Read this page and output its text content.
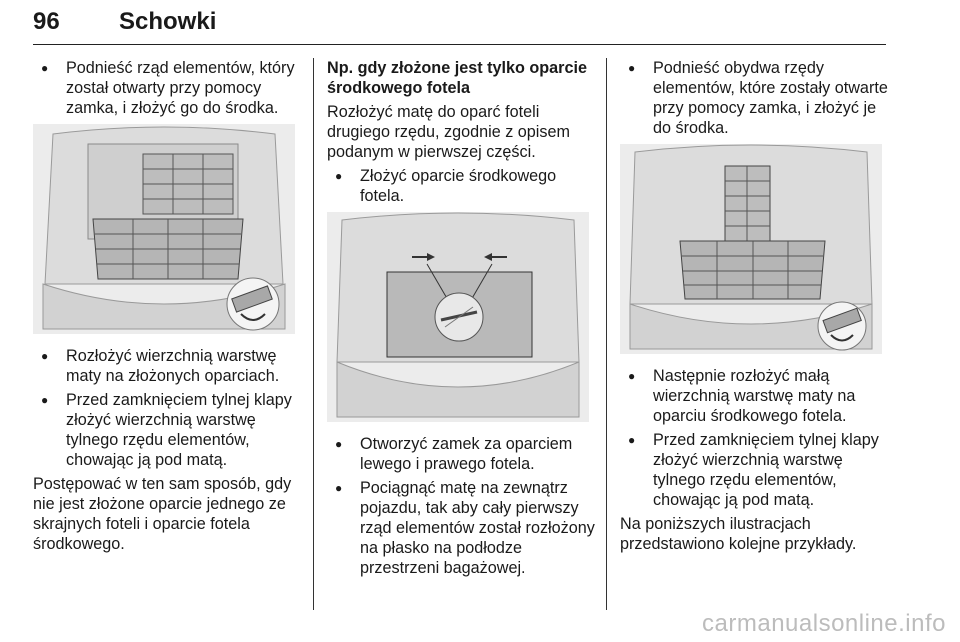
96 Schowki
● Podnieść rząd elementów, który został otwarty przy pomocy zamka, i złożyć go do środka.
● Rozłożyć wierzchnią warstwę maty na złożonych oparciach.
● Przed zamknięciem tylnej klapy złożyć wierzchnią warstwę tylnego rzędu elementów, chowając ją pod matą.

Postępować w ten sam sposób, gdy nie jest złożone oparcie jednego ze skrajnych foteli i oparcie fotela środkowego.

Np. gdy złożone jest tylko oparcie środkowego fotela

Rozłożyć matę do oparć foteli drugiego rzędu, zgodnie z opisem podanym w pierwszej części.

● Złożyć oparcie środkowego fotela.
● Otworzyć zamek za oparciem lewego i prawego fotela.
● Pociągnąć matę na zewnątrz pojazdu, tak aby cały pierwszy rząd elementów został rozłożony na płasko na podłodze przestrzeni bagażowej.
● Podnieść obydwa rzędy elementów, które zostały otwarte przy pomocy zamka, i złożyć je do środka.
● Następnie rozłożyć małą wierzchnią warstwę maty na oparciu środkowego fotela.
● Przed zamknięciem tylnej klapy złożyć wierzchnią warstwę tylnego rzędu elementów, chowając ją pod matą.

Na poniższych ilustracjach przedstawiono kolejne przykłady.

carmanualsonline.info
